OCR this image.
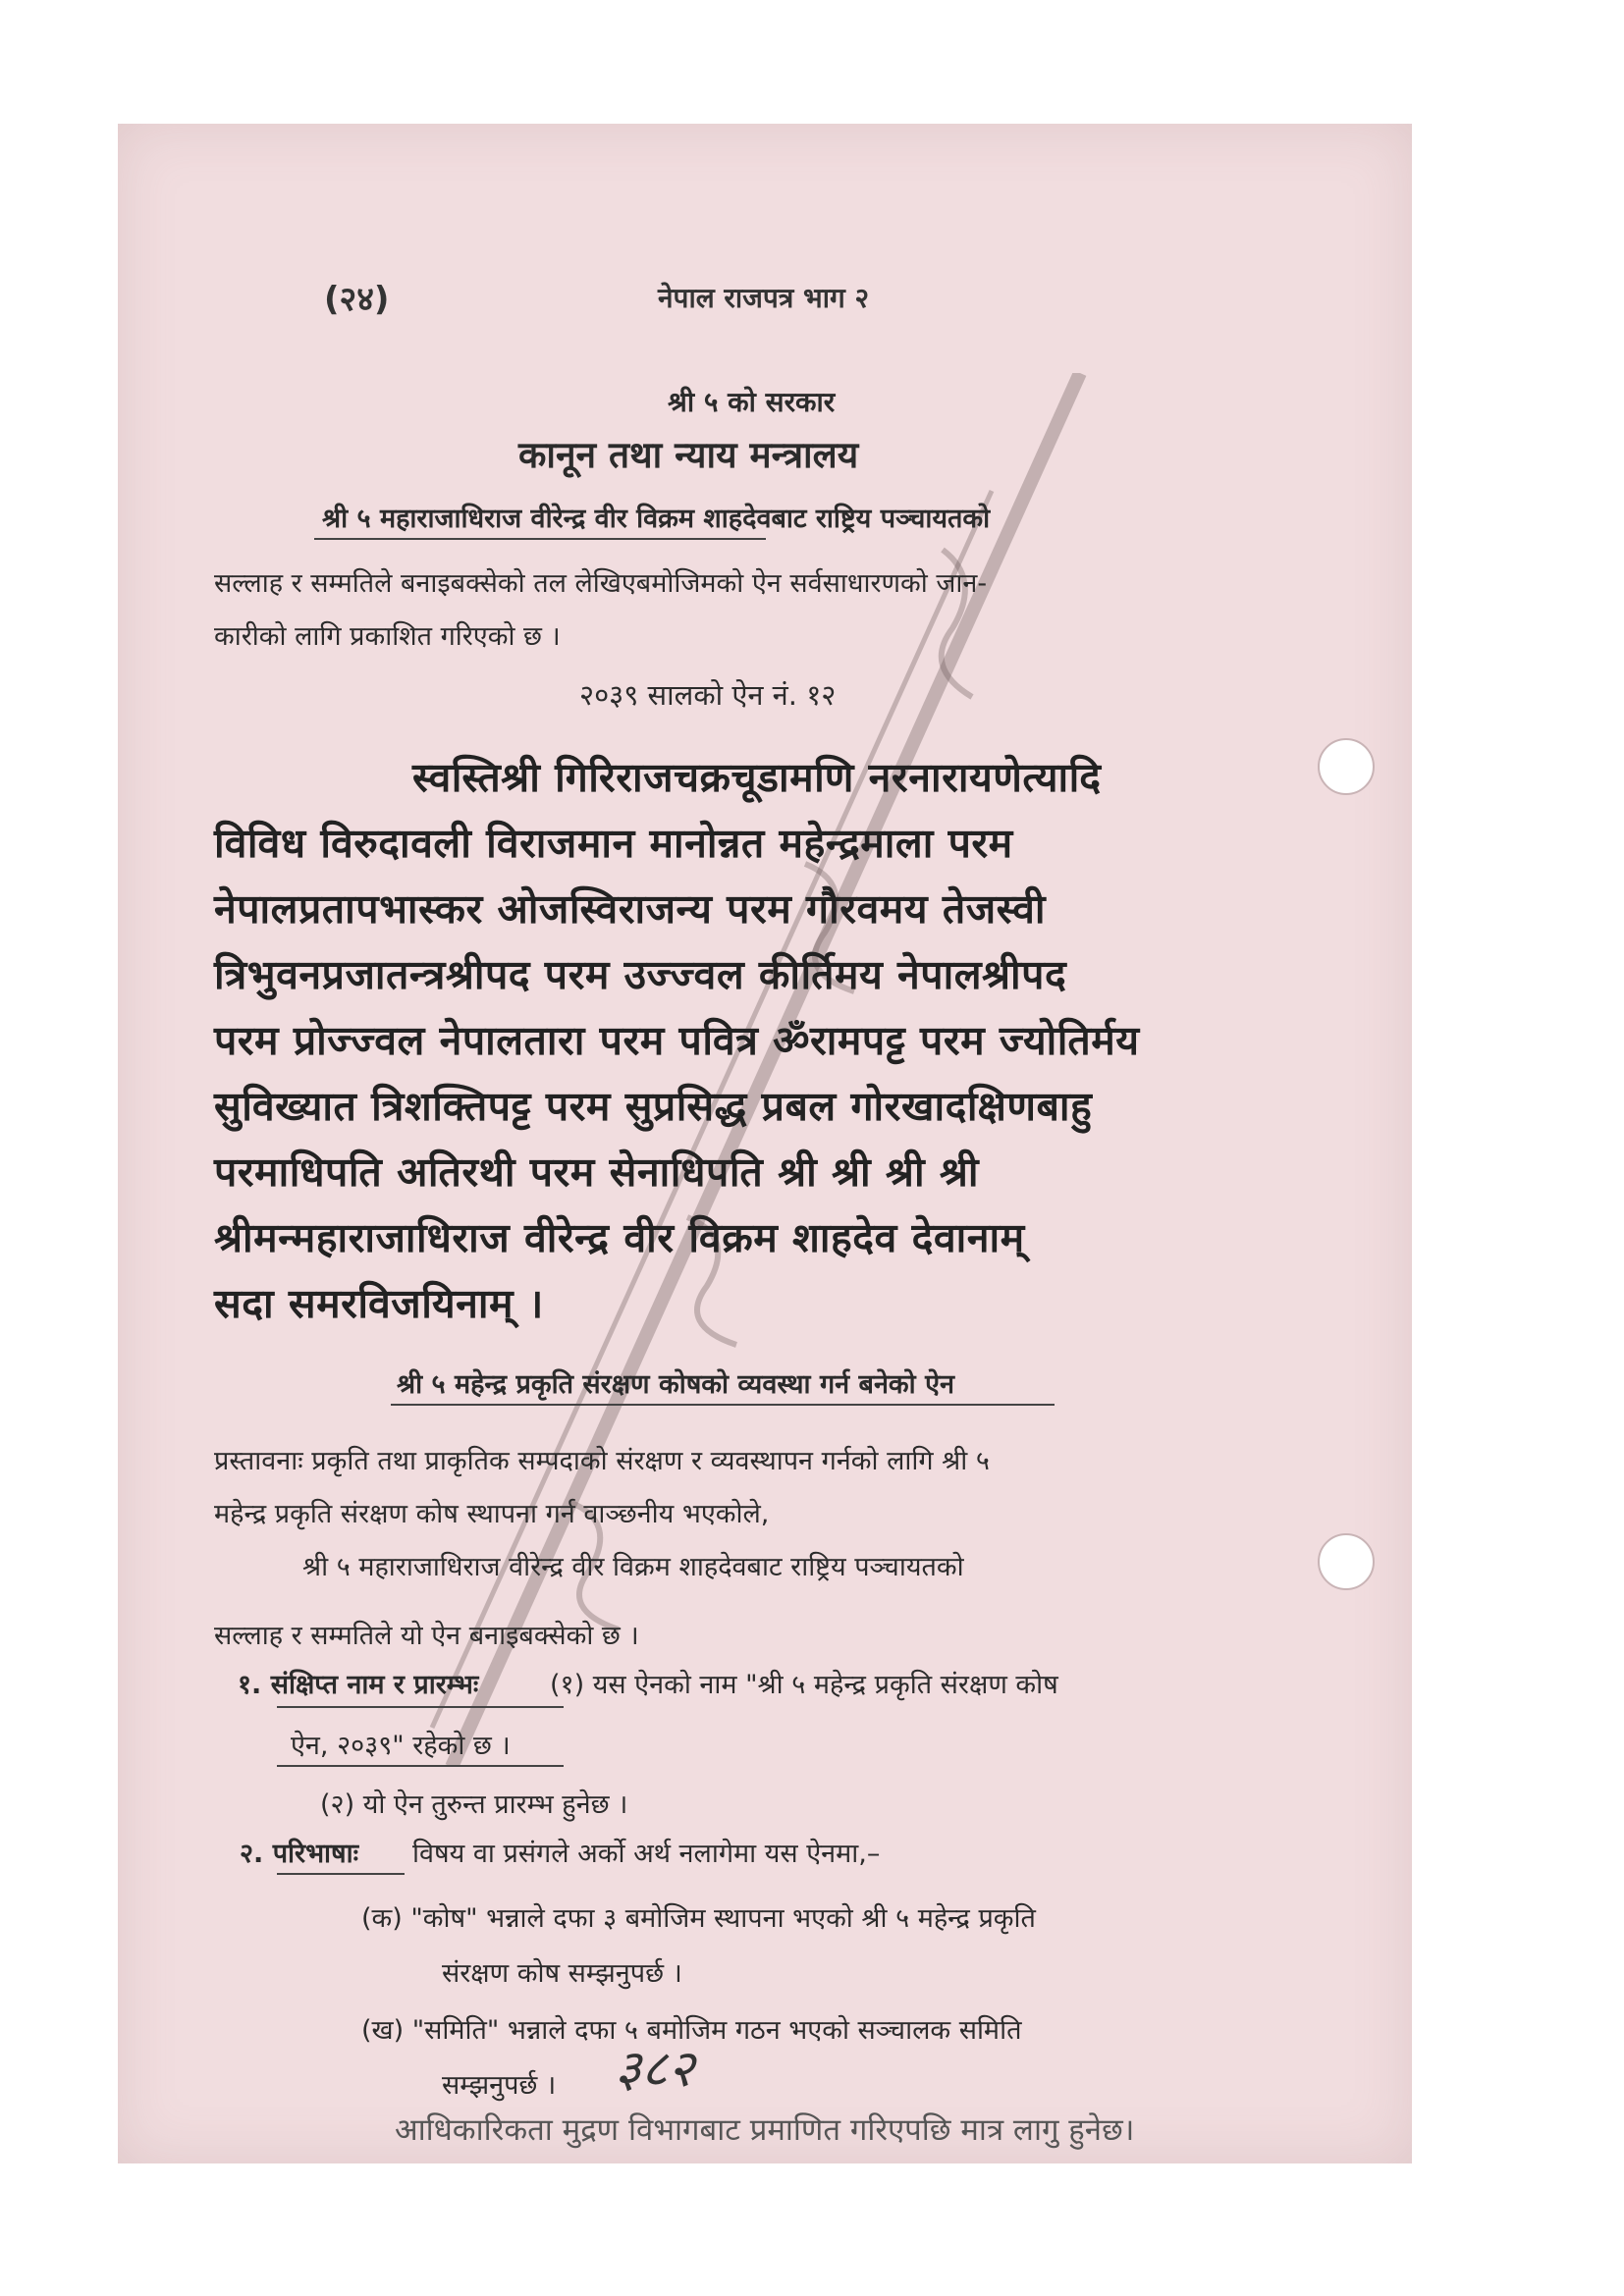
(२४)	नेपाल राजपत्र भाग २
श्री ५ को सरकार
कानून तथा न्याय मन्त्रालय
श्री ५ महाराजाधिराज वीरेन्द्र वीर विक्रम शाहदेवबाट राष्ट्रिय पञ्चायतको
सल्लाह र सम्मतिले बनाइबक्सेको तल लेखिएबमोजिमको ऐन सर्वसाधारणको जान-
कारीको लागि प्रकाशित गरिएको छ ।
२०३९ सालको ऐन नं. १२
स्वस्तिश्री गिरिराजचक्रचूडामणि नरनारायणेत्यादि
विविध विरुदावली विराजमान मानोन्नत महेन्द्रमाला परम
नेपालप्रतापभास्कर ओजस्विराजन्य परम गौरवमय तेजस्वी
त्रिभुवनप्रजातन्त्रश्रीपद परम उज्ज्वल कीर्तिमय नेपालश्रीपद
परम प्रोज्ज्वल नेपालतारा परम पवित्र ॐरामपट्ट परम ज्योतिर्मय
सुविख्यात त्रिशक्तिपट्ट परम सुप्रसिद्ध प्रबल गोरखादक्षिणबाहु
परमाधिपति अतिरथी परम सेनाधिपति श्री श्री श्री श्री
श्रीमन्महाराजाधिराज वीरेन्द्र वीर विक्रम शाहदेव देवानाम्
सदा समरविजयिनाम् ।
श्री ५ महेन्द्र प्रकृति संरक्षण कोषको व्यवस्था गर्न बनेको ऐन
प्रस्तावनाः प्रकृति तथा प्राकृतिक सम्पदाको संरक्षण र व्यवस्थापन गर्नको लागि श्री ५
महेन्द्र प्रकृति संरक्षण कोष स्थापना गर्न वाञ्छनीय भएकोले,
श्री ५ महाराजाधिराज वीरेन्द्र वीर विक्रम शाहदेवबाट राष्ट्रिय पञ्चायतको
सल्लाह र सम्मतिले यो ऐन बनाइबक्सेको छ ।
१. संक्षिप्त नाम र प्रारम्भः	(१) यस ऐनको नाम "श्री ५ महेन्द्र प्रकृति संरक्षण कोष
ऐन, २०३९" रहेको छ ।
(२) यो ऐन तुरुन्त प्रारम्भ हुनेछ ।
२. परिभाषाः विषय वा प्रसंगले अर्को अर्थ नलागेमा यस ऐनमा,–
(क) "कोष" भन्नाले दफा ३ बमोजिम स्थापना भएको श्री ५ महेन्द्र प्रकृति
संरक्षण कोष सम्झनुपर्छ ।
(ख) "समिति" भन्नाले दफा ५ बमोजिम गठन भएको सञ्चालक समिति
सम्झनुपर्छ । ३८२
आधिकारिकता मुद्रण विभागबाट प्रमाणित गरिएपछि मात्र लागु हुनेछ।
